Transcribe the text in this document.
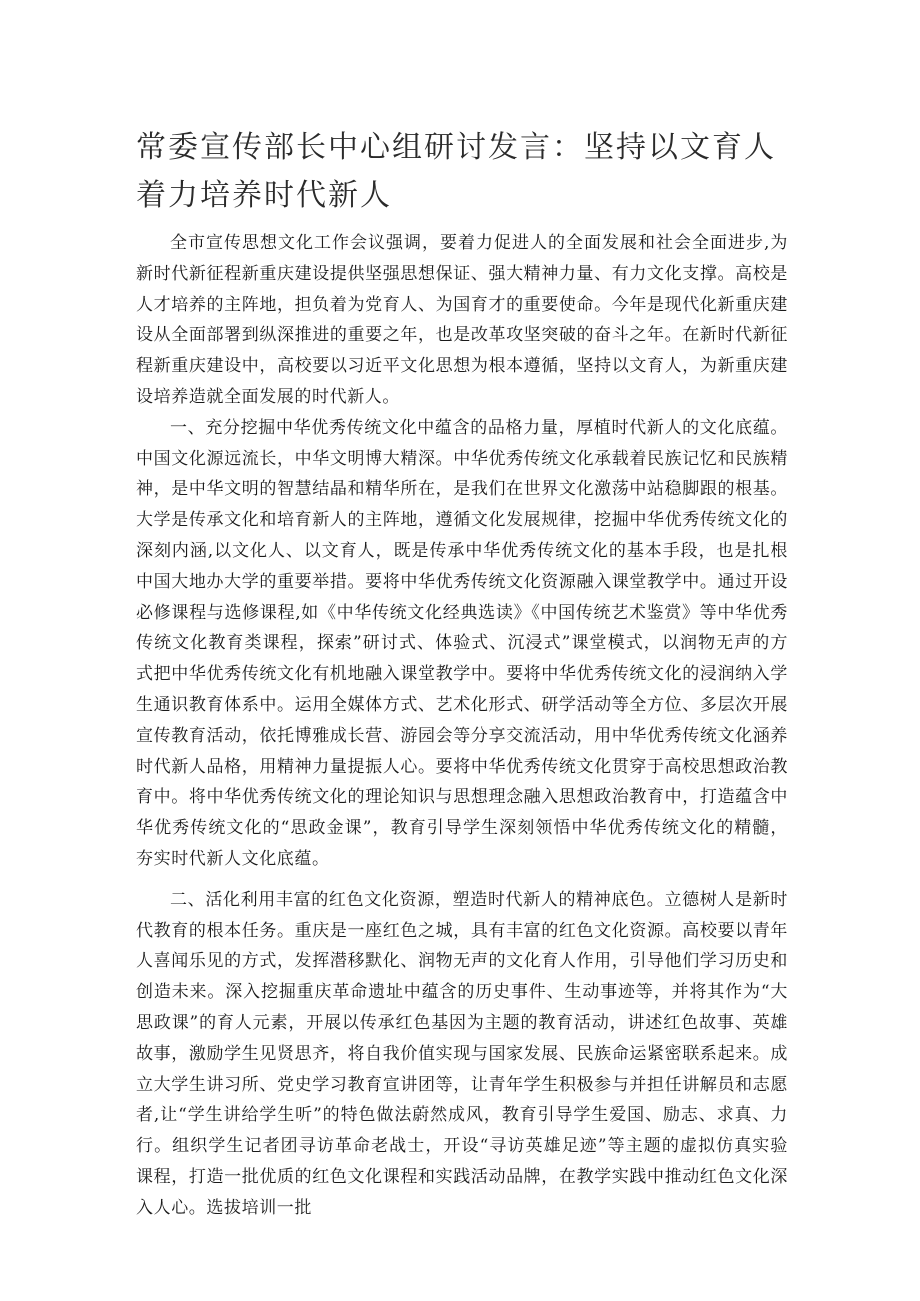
常委宣传部长中心组研讨发言：坚持以文育人着力培养时代新人

全市宣传思想文化工作会议强调，要着力促进人的全面发展和社会全面进步,为新时代新征程新重庆建设提供坚强思想保证、强大精神力量、有力文化支撑。高校是人才培养的主阵地，担负着为党育人、为国育才的重要使命。今年是现代化新重庆建设从全面部署到纵深推进的重要之年，也是改革攻坚突破的奋斗之年。在新时代新征程新重庆建设中，高校要以习近平文化思想为根本遵循，坚持以文育人，为新重庆建设培养造就全面发展的时代新人。

一、充分挖掘中华优秀传统文化中蕴含的品格力量，厚植时代新人的文化底蕴。中国文化源远流长，中华文明博大精深。中华优秀传统文化承载着民族记忆和民族精神，是中华文明的智慧结晶和精华所在，是我们在世界文化激荡中站稳脚跟的根基。大学是传承文化和培育新人的主阵地，遵循文化发展规律，挖掘中华优秀传统文化的深刻内涵,以文化人、以文育人，既是传承中华优秀传统文化的基本手段，也是扎根中国大地办大学的重要举措。要将中华优秀传统文化资源融入课堂教学中。通过开设必修课程与选修课程,如《中华传统文化经典选读》《中国传统艺术鉴赏》等中华优秀传统文化教育类课程，探索”研讨式、体验式、沉浸式”课堂模式，以润物无声的方式把中华优秀传统文化有机地融入课堂教学中。要将中华优秀传统文化的浸润纳入学生通识教育体系中。运用全媒体方式、艺术化形式、研学活动等全方位、多层次开展宣传教育活动，依托博雅成长营、游园会等分享交流活动，用中华优秀传统文化涵养时代新人品格，用精神力量提振人心。要将中华优秀传统文化贯穿于高校思想政治教育中。将中华优秀传统文化的理论知识与思想理念融入思想政治教育中，打造蕴含中华优秀传统文化的“思政金课”，教育引导学生深刻领悟中华优秀传统文化的精髓，夯实时代新人文化底蕴。

二、活化利用丰富的红色文化资源，塑造时代新人的精神底色。立德树人是新时代教育的根本任务。重庆是一座红色之城，具有丰富的红色文化资源。高校要以青年人喜闻乐见的方式，发挥潜移默化、润物无声的文化育人作用，引导他们学习历史和创造未来。深入挖掘重庆革命遗址中蕴含的历史事件、生动事迹等，并将其作为“大思政课”的育人元素，开展以传承红色基因为主题的教育活动，讲述红色故事、英雄故事，激励学生见贤思齐，将自我价值实现与国家发展、民族命运紧密联系起来。成立大学生讲习所、党史学习教育宣讲团等，让青年学生积极参与并担任讲解员和志愿者,让“学生讲给学生听”的特色做法蔚然成风，教育引导学生爱国、励志、求真、力行。组织学生记者团寻访革命老战士，开设“寻访英雄足迹”等主题的虚拟仿真实验课程，打造一批优质的红色文化课程和实践活动品牌，在教学实践中推动红色文化深入人心。选拔培训一批
